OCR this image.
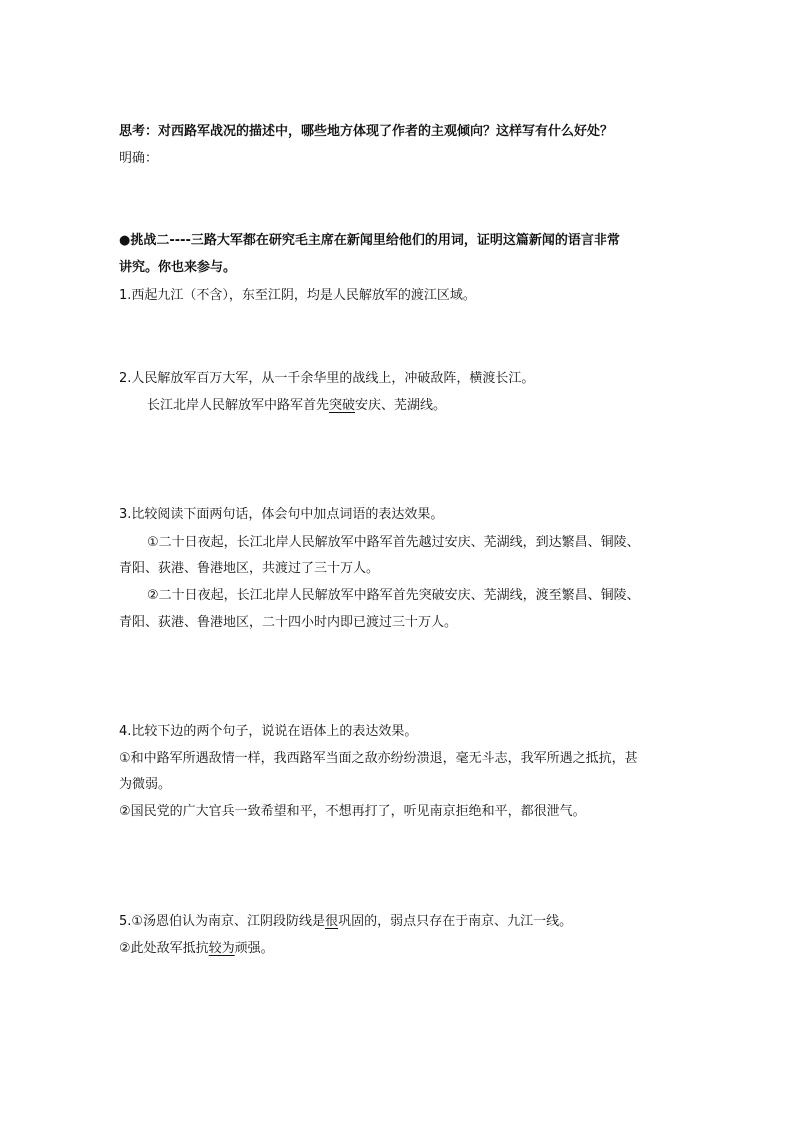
思考：对西路军战况的描述中，哪些地方体现了作者的主观倾向？这样写有什么好处？
明确：
●挑战二----三路大军都在研究毛主席在新闻里给他们的用词，证明这篇新闻的语言非常
讲究。你也来参与。
1.西起九江（不含），东至江阴，均是人民解放军的渡江区域。
2.人民解放军百万大军，从一千余华里的战线上，冲破敌阵，横渡长江。
长江北岸人民解放军中路军首先突破安庆、芜湖线。
3.比较阅读下面两句话，体会句中加点词语的表达效果。
①二十日夜起，长江北岸人民解放军中路军首先越过安庆、芜湖线，到达繁昌、铜陵、
青阳、荻港、鲁港地区，共渡过了三十万人。
②二十日夜起，长江北岸人民解放军中路军首先突破安庆、芜湖线，渡至繁昌、铜陵、
青阳、荻港、鲁港地区，二十四小时内即已渡过三十万人。
4.比较下边的两个句子，说说在语体上的表达效果。
①和中路军所遇敌情一样，我西路军当面之敌亦纷纷溃退，毫无斗志，我军所遇之抵抗，甚
为微弱。
②国民党的广大官兵一致希望和平，不想再打了，听见南京拒绝和平，都很泄气。
5.①汤恩伯认为南京、江阴段防线是很巩固的，弱点只存在于南京、九江一线。
②此处敌军抵抗较为顽强。
